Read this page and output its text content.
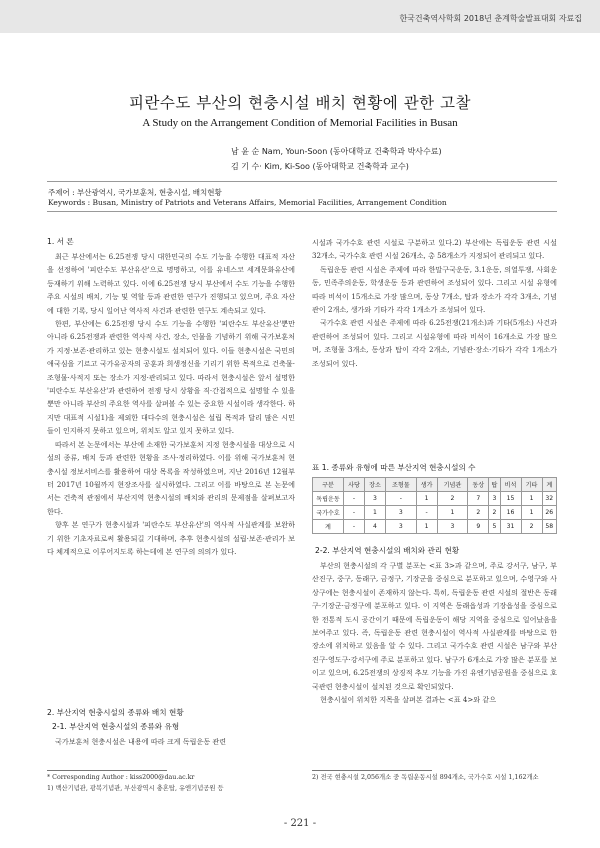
한국건축역사학회 2018년 춘계학술발표대회 자료집
피란수도 부산의 현충시설 배치 현황에 관한 고찰
A Study on the Arrangement Condition of Memorial Facilities in Busan
남 윤 순 Nam, Youn-Soon (동아대학교 건축학과 박사수료)
김 기 수· Kim, Ki-Soo (동아대학교 건축학과 교수)
주제어 : 부산광역시, 국가보훈처, 현충시설, 배치현황
Keywords : Busan, Ministry of Patriots and Veterans Affairs, Memorial Facilities, Arrangement Condition
1. 서 론

최근 부산에서는 6.25전쟁 당시 대한민국의 수도 기능을 수행한 대표적 자산을 선정하여 '피란수도 부산유산'으로 명명하고, 이를 유네스코 세계문화유산에 등재하기 위해 노력하고 있다. 이에 6.25전쟁 당시 부산에서 수도 기능을 수행한 주요 시설의 배치, 기능 및 역할 등과 관련한 연구가 진행되고 있으며, 주요 자산에 대한 기록, 당시 일어난 역사적 사건과 관련한 연구도 계속되고 있다.

한편, 부산에는 6.25전쟁 당시 수도 기능을 수행한 '피란수도 부산유산'뿐만 아니라 6.25전쟁과 관련한 역사적 사건, 장소, 인물을 기념하기 위해 국가보훈처가 지정·보존·관리하고 있는 현충시설도 설치되어 있다. 이들 현충시설은 국민의 애국심을 기르고 국가유공자의 공훈과 희생정신을 기리기 위한 목적으로 건축물·조형물·사적지 또는 장소가 지정·관리되고 있다. 따라서 현충시설은 앞서 설명한 '피란수도 부산유산'과 관련하여 전쟁 당시 상황을 직·간접적으로 설명할 수 있을 뿐만 아니라 부산의 주요한 역사를 살펴볼 수 있는 중요한 시설이라 생각한다. 하지만 대표적 시설1)을 제외한 대다수의 현충시설은 설립 목적과 달리 많은 시민들이 인지하지 못하고 있으며, 위치도 알고 있지 못하고 있다.

따라서 본 논문에서는 부산에 소재한 국가보훈처 지정 현충시설을 대상으로 시설의 종류, 배치 등과 관련한 현황을 조사·정리하였다. 이를 위해 국가보훈처 현충시설 정보서비스를 활용하여 대상 목록을 작성하였으며, 지난 2016년 12월부터 2017년 10월까지 현장조사를 실시하였다. 그리고 이를 바탕으로 본 논문에서는 건축적 관점에서 부산지역 현충시설의 배치와 관리의 문제점을 살펴보고자 한다.

향후 본 연구가 현충시설과 '피란수도 부산유산'의 역사적 사실관계를 보완하기 위한 기초자료로써 활용되길 기대하며, 추후 현충시설의 설립·보존·관리가 보다 체계적으로 이루어지도록 하는데에 본 연구의 의의가 있다.

2. 부산지역 현충시설의 종류와 배치 현황
2-1. 부산지역 현충시설의 종류와 유형
국가보훈처 현충시설은 내용에 따라 크게 독립운동 관련
* Corresponding Author : kiss2000@dau.ac.kr
1) 백산기념관, 광복기념관, 부산광역시 충혼탑, 유엔기념공원 등

시설과 국가수호 관련 시설로 구분하고 있다.2) 부산에는 독립운동 관련 시설 32개소, 국가수호 관련 시설 26개소, 총 58개소가 지정되어 관리되고 있다.

독립운동 관련 시설은 주제에 따라 한말구국운동, 3.1운동, 의열투쟁, 사회운동, 민족주의운동, 학생운동 등과 관련하여 조성되어 있다. 그리고 시설 유형에 따라 비석이 15개소로 가장 많으며, 동상 7개소, 탑과 장소가 각각 3개소, 기념관이 2개소, 생가와 기타가 각각 1개소가 조성되어 있다.

국가수호 관련 시설은 주제에 따라 6.25전쟁(21개소)과 기타(5개소) 사건과 관련하여 조성되어 있다. 그리고 시설유형에 따라 비석이 16개소로 가장 많으며, 조형물 3개소, 동상과 탑이 각각 2개소, 기념관·장소·기타가 각각 1개소가 조성되어 있다.

표 1. 종류와 유형에 따른 부산지역 현충시설의 수
구분	사당	장소	조형물	생가	기념관	동상	탑	비석	기타	계
독립운동	-	3	-	1	2	7	3	15	1	32
국가수호	-	1	3	-	1	2	2	16	1	26
계	-	4	3	1	3	9	5	31	2	58
2-2. 부산지역 현충시설의 배치와 관리 현황

부산의 현충시설의 각 구별 분포는 <표 3>과 같으며, 주로 강서구, 남구, 부산진구, 중구, 동래구, 금정구, 기장군을 중심으로 분포하고 있으며, 수영구와 사상구에는 현충시설이 존재하지 않는다. 특히, 독립운동 관련 시설의 절반은 동래구·기장군·금정구에 분포하고 있다. 이 지역은 동래읍성과 기장읍성을 중심으로 한 전통적 도시 공간이기 때문에 독립운동이 해당 지역을 중심으로 일어났음을 보여주고 있다. 즉, 독립운동 관련 현충시설이 역사적 사실관계를 바탕으로 한 장소에 위치하고 있음을 알 수 있다. 그리고 국가수호 관련 시설은 남구와 부산진구·영도구·강서구에 주로 분포하고 있다. 남구가 6개소로 가장 많은 분포를 보이고 있으며, 6.25전쟁의 상징적 추모 기능을 가진 유엔기념공원을 중심으로 호국관련 현충시설이 설치된 것으로 확인되었다.

현충시설이 위치한 지목을 살펴본 결과는 <표 4>와 같으

2) 전국 현충시설 2,056개소 중 독립운동시설 894개소, 국가수호 시설 1,162개소
- 221 -
